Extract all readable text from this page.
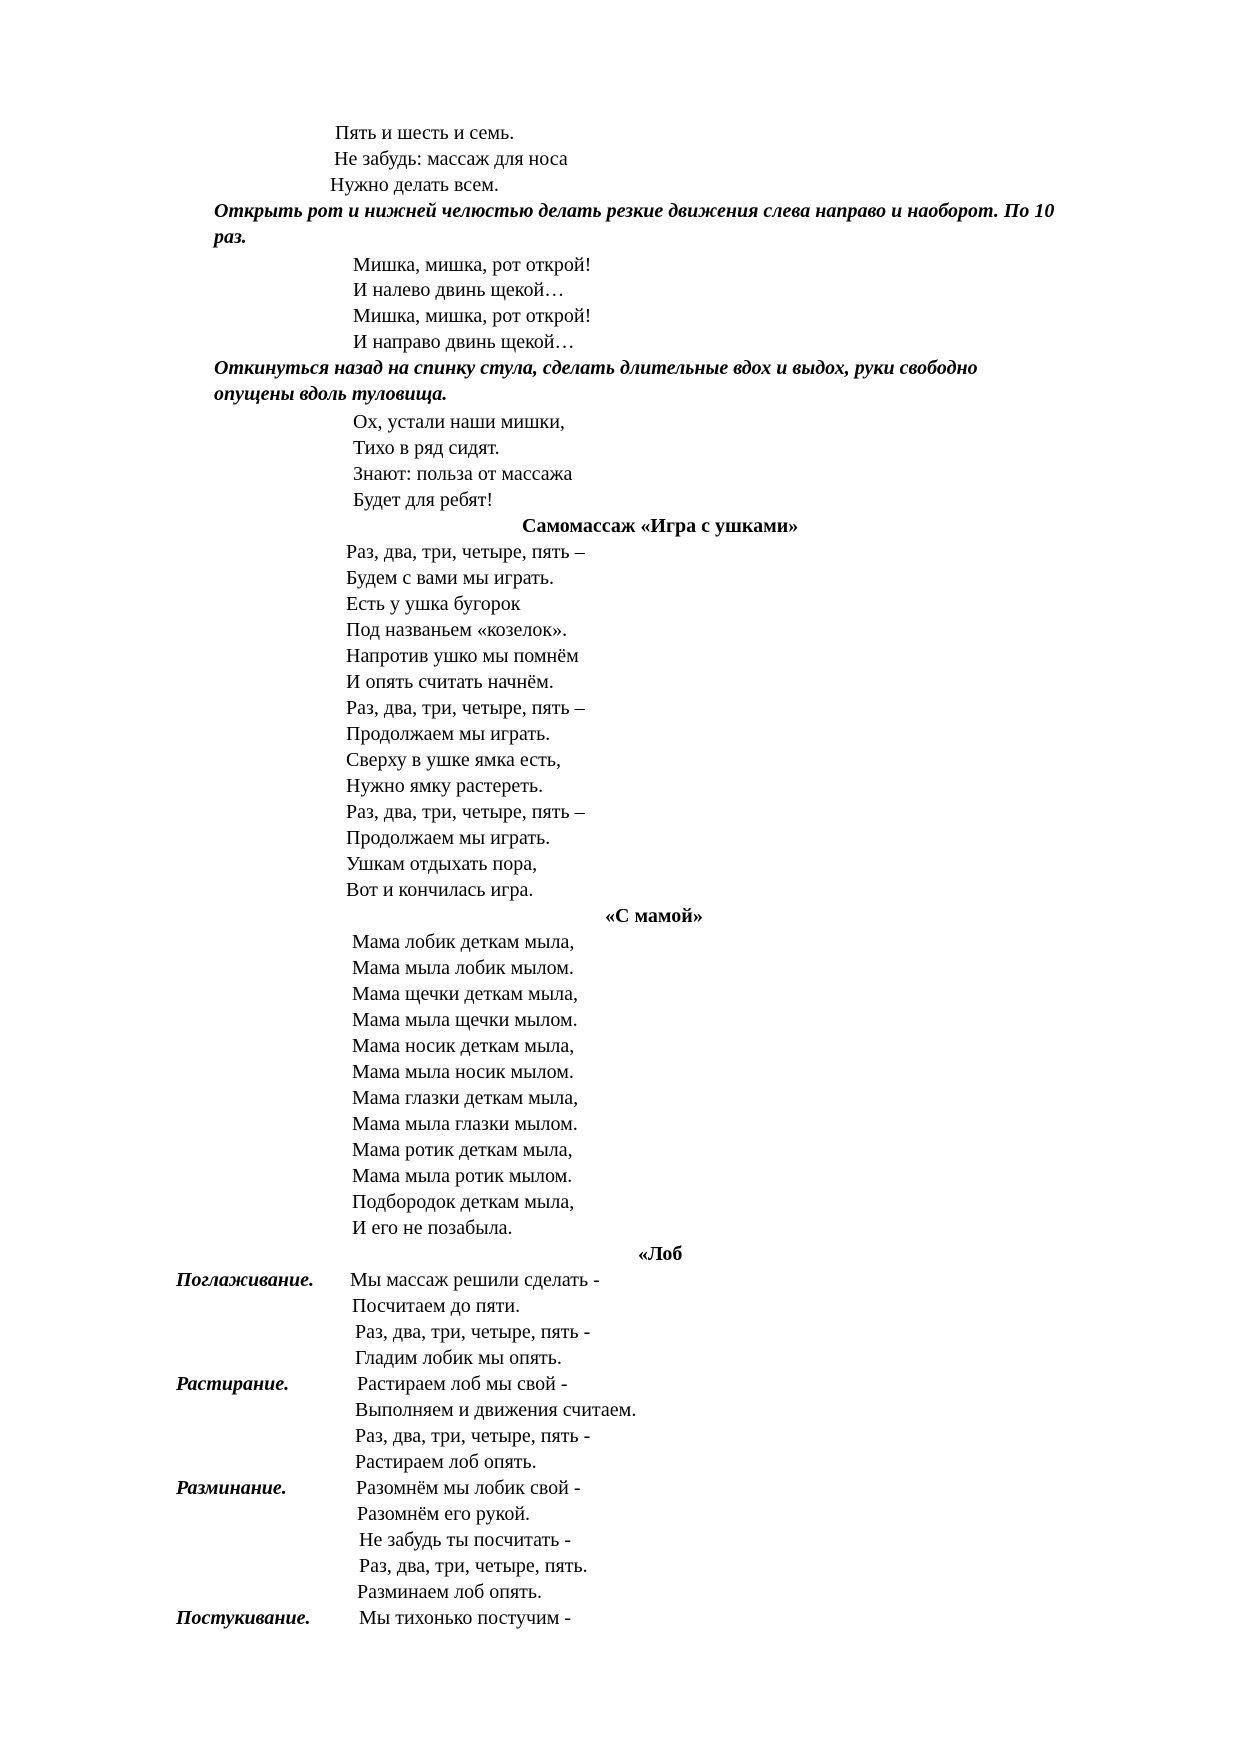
Пять и шесть и семь.
Не забудь: массаж для носа
Нужно делать всем.
Открыть рот и нижней челюстью делать резкие движения слева направо и наоборот. По 10
раз.
Мишка, мишка, рот открой!
И налево двинь щекой…
Мишка, мишка, рот открой!
И направо двинь щекой…
Откинуться назад на спинку стула, сделать длительные вдох и выдох, руки свободно
опущены вдоль туловища.
Ох, устали наши мишки,
Тихо в ряд сидят.
Знают: польза от массажа
Будет для ребят!
Самомассаж «Игра с ушками»
Раз, два, три, четыре, пять –
Будем с вами мы играть.
Есть у ушка бугорок
Под названьем «козелок».
Напротив ушко мы помнём
И опять считать начнём.
Раз, два, три, четыре, пять –
Продолжаем мы играть.
Сверху в ушке ямка есть,
Нужно ямку растереть.
Раз, два, три, четыре, пять –
Продолжаем мы играть.
Ушкам отдыхать пора,
Вот и кончилась игра.
«С мамой»
Мама лобик деткам мыла,
Мама мыла лобик мылом.
Мама щечки деткам мыла,
Мама мыла щечки мылом.
Мама носик деткам мыла,
Мама мыла носик мылом.
Мама глазки деткам мыла,
Мама мыла глазки мылом.
Мама ротик деткам мыла,
Мама мыла ротик мылом.
Подбородок деткам мыла,
И его не позабыла.
«Лоб
Поглаживание. Мы массаж решили сделать -
Посчитаем до пяти.
Раз, два, три, четыре, пять -
Гладим лобик мы опять.
Растирание.	Растираем лоб мы свой -
Выполняем и движения считаем.
Раз, два, три, четыре, пять -
Растираем лоб опять.
Разминание.	Разомнём мы лобик свой -
Разомнём его рукой.
Не забудь ты посчитать -
Раз, два, три, четыре, пять.
Разминаем лоб опять.
Постукивание. Мы тихонько постучим -
